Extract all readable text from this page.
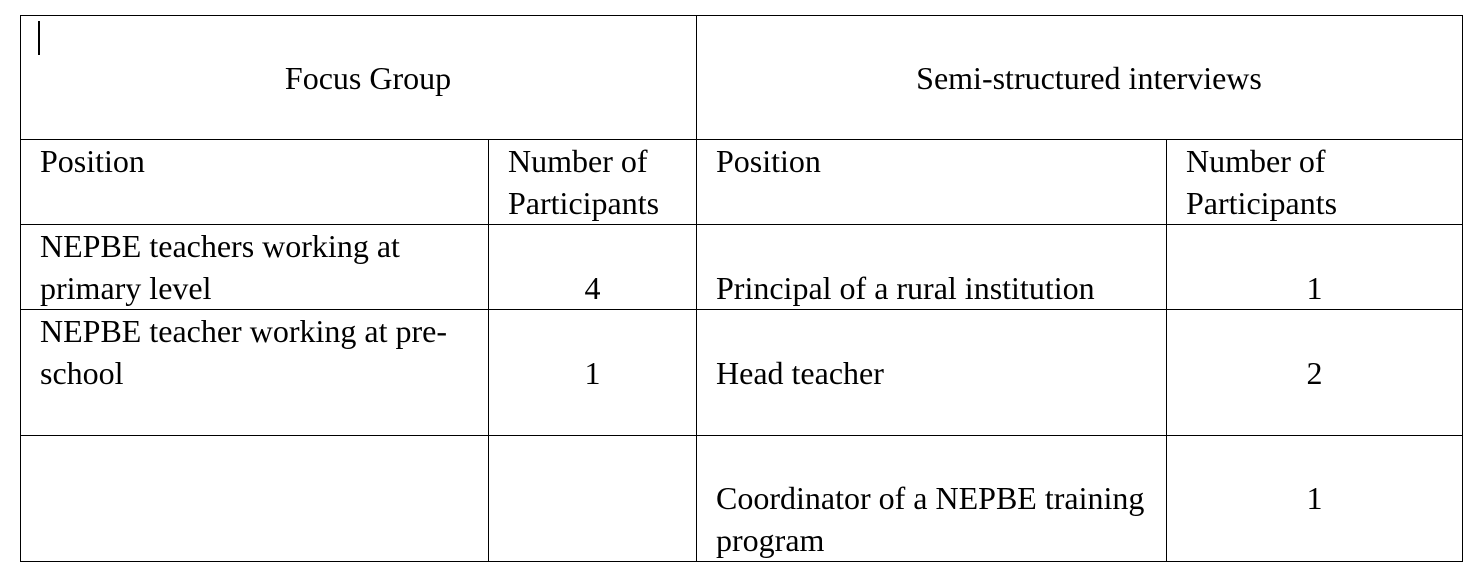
Focus Group		Semi-structured interviews	
Position	Number of Participants	Position	Number of Participants
NEPBE teachers working at primary level	4	Principal of a rural institution	1
NEPBE teacher working at pre-school	1	Head teacher	2
		Coordinator of a NEPBE training program	1
